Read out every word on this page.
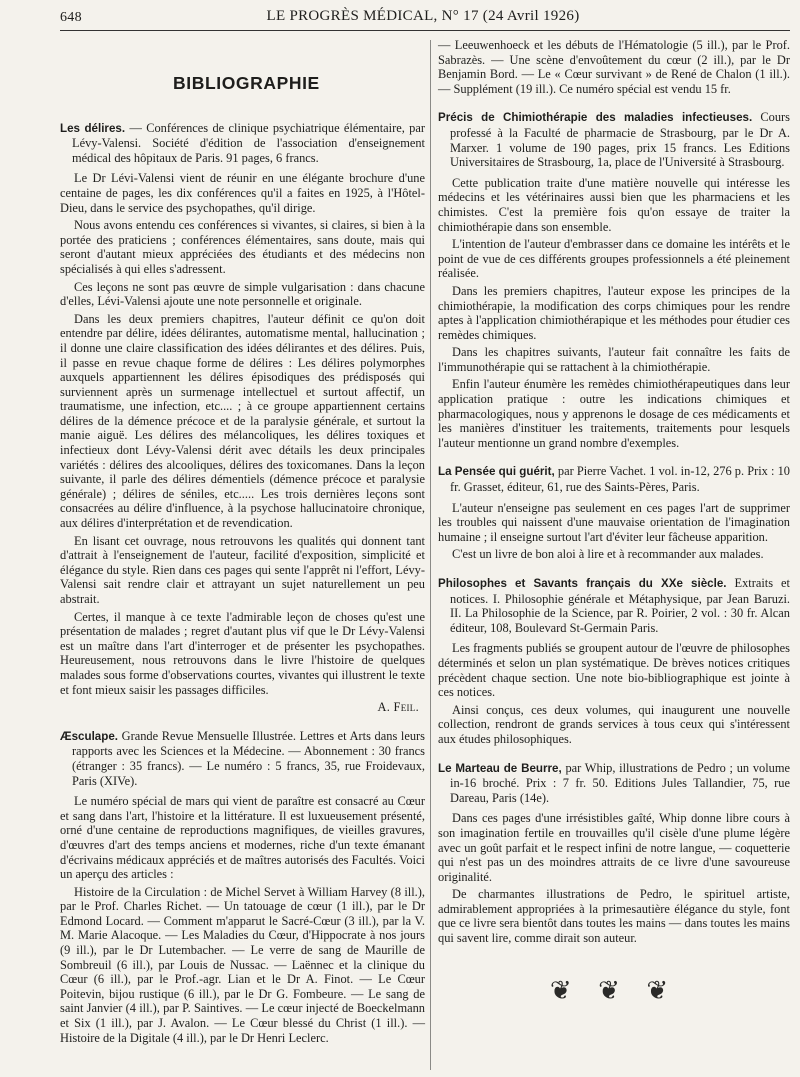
648	LE PROGRÈS MÉDICAL, N° 17 (24 Avril 1926)
BIBLIOGRAPHIE

Les délires. — Conférences de clinique psychiatrique élémentaire, par Lévy-Valensi. Société d'édition de l'association d'enseignement médical des hôpitaux de Paris. 91 pages, 6 francs.

Le Dr Lévi-Valensi vient de réunir en une élégante brochure d'une centaine de pages, les dix conférences qu'il a faites en 1925, à l'Hôtel-Dieu, dans le service des psychopathes, qu'il dirige.

Nous avons entendu ces conférences si vivantes, si claires, si bien à la portée des praticiens ; conférences élémentaires, sans doute, mais qui seront d'autant mieux appréciées des étudiants et des médecins non spécialisés à qui elles s'adressent.

Ces leçons ne sont pas œuvre de simple vulgarisation : dans chacune d'elles, Lévi-Valensi ajoute une note personnelle et originale.

Dans les deux premiers chapitres, l'auteur définit ce qu'on doit entendre par délire, idées délirantes, automatisme mental, hallucination ; il donne une claire classification des idées délirantes et des délires. Puis, il passe en revue chaque forme de délires : Les délires polymorphes auxquels appartiennent les délires épisodiques des prédisposés qui surviennent après un surmenage intellectuel et surtout affectif, un traumatisme, une infection, etc.... ; à ce groupe appartiennent certains délires de la démence précoce et de la paralysie générale, et surtout la manie aiguë. Les délires des mélancoliques, les délires toxiques et infectieux dont Lévy-Valensi dérit avec détails les deux principales variétés : délires des alcooliques, délires des toxicomanes. Dans la leçon suivante, il parle des délires démentiels (démence précoce et paralysie générale) ; délires de séniles, etc..... Les trois dernières leçons sont consacrées au délire d'influence, à la psychose hallucinatoire chronique, aux délires d'interprétation et de revendication.

En lisant cet ouvrage, nous retrouvons les qualités qui donnent tant d'attrait à l'enseignement de l'auteur, facilité d'exposition, simplicité et élégance du style. Rien dans ces pages qui sente l'apprêt ni l'effort, Lévy-Valensi sait rendre clair et attrayant un sujet naturellement un peu abstrait.

Certes, il manque à ce texte l'admirable leçon de choses qu'est une présentation de malades ; regret d'autant plus vif que le Dr Lévy-Valensi est un maître dans l'art d'interroger et de présenter les psychopathes. Heureusement, nous retrouvons dans le livre l'histoire de quelques malades sous forme d'observations courtes, vivantes qui illustrent le texte et font mieux saisir les passages difficiles.

A. Feil.

Æsculape. Grande Revue Mensuelle Illustrée. Lettres et Arts dans leurs rapports avec les Sciences et la Médecine. — Abonnement : 30 francs (étranger : 35 francs). — Le numéro : 5 francs, 35, rue Froidevaux, Paris (XIVe).

Le numéro spécial de mars qui vient de paraître est consacré au Cœur et sang dans l'art, l'histoire et la littérature. Il est luxueusement présenté, orné d'une centaine de reproductions magnifiques, de vieilles gravures, d'œuvres d'art des temps anciens et modernes, riche d'un texte émanant d'écrivains médicaux appréciés et de maîtres autorisés des Facultés. Voici un aperçu des articles :

Histoire de la Circulation : de Michel Servet à William Harvey (8 ill.), par le Prof. Charles Richet. — Un tatouage de cœur (1 ill.), par le Dr Edmond Locard. — Comment m'apparut le Sacré-Cœur (3 ill.), par la V. M. Marie Alacoque. — Les Maladies du Cœur, d'Hippocrate à nos jours (9 ill.), par le Dr Lutembacher. — Le verre de sang de Maurille de Sombreuil (6 ill.), par Louis de Nussac. — Laënnec et la clinique du Cœur (6 ill.), par le Prof.-agr. Lian et le Dr A. Finot. — Le Cœur Poitevin, bijou rustique (6 ill.), par le Dr G. Fombeure. — Le sang de saint Janvier (4 ill.), par P. Saintives. — Le cœur injecté de Boeckelmann et Six (1 ill.), par J. Avalon. — Le Cœur blessé du Christ (1 ill.). — Histoire de la Digitale (4 ill.), par le Dr Henri Leclerc.

— Leeuwenhoeck et les débuts de l'Hématologie (5 ill.), par le Prof. Sabrazès. — Une scène d'envoûtement du cœur (2 ill.), par le Dr Benjamin Bord. — Le « Cœur survivant » de René de Chalon (1 ill.). — Supplément (19 ill.). Ce numéro spécial est vendu 15 fr.

Précis de Chimiothérapie des maladies infectieuses. Cours professé à la Faculté de pharmacie de Strasbourg, par le Dr A. Marxer. 1 volume de 190 pages, prix 15 francs. Les Editions Universitaires de Strasbourg, 1a, place de l'Université à Strasbourg.

Cette publication traite d'une matière nouvelle qui intéresse les médecins et les vétérinaires aussi bien que les pharmaciens et les chimistes. C'est la première fois qu'on essaye de traiter la chimiothérapie dans son ensemble.

L'intention de l'auteur d'embrasser dans ce domaine les intérêts et le point de vue de ces différents groupes professionnels a été pleinement réalisée.

Dans les premiers chapitres, l'auteur expose les principes de la chimiothérapie, la modification des corps chimiques pour les rendre aptes à l'application chimiothérapique et les méthodes pour étudier ces remèdes chimiques.

Dans les chapitres suivants, l'auteur fait connaître les faits de l'immunothérapie qui se rattachent à la chimiothérapie.

Enfin l'auteur énumère les remèdes chimiothérapeutiques dans leur application pratique : outre les indications chimiques et pharmacologiques, nous y apprenons le dosage de ces médicaments et les manières d'instituer les traitements, traitements pour lesquels l'auteur mentionne un grand nombre d'exemples.

La Pensée qui guérit, par Pierre Vachet. 1 vol. in-12, 276 p. Prix : 10 fr. Grasset, éditeur, 61, rue des Saints-Pères, Paris.

L'auteur n'enseigne pas seulement en ces pages l'art de supprimer les troubles qui naissent d'une mauvaise orientation de l'imagination humaine ; il enseigne surtout l'art d'éviter leur fâcheuse apparition.

C'est un livre de bon aloi à lire et à recommander aux malades.

Philosophes et Savants français du XXe siècle. Extraits et notices. I. Philosophie générale et Métaphysique, par Jean Baruzi. II. La Philosophie de la Science, par R. Poirier, 2 vol. : 30 fr. Alcan éditeur, 108, Boulevard St-Germain Paris.

Les fragments publiés se groupent autour de l'œuvre de philosophes déterminés et selon un plan systématique. De brèves notices critiques précèdent chaque section. Une note bio-bibliographique est jointe à ces notices.

Ainsi conçus, ces deux volumes, qui inaugurent une nouvelle collection, rendront de grands services à tous ceux qui s'intéressent aux études philosophiques.

Le Marteau de Beurre, par Whip, illustrations de Pedro ; un volume in-16 broché. Prix : 7 fr. 50. Editions Jules Tallandier, 75, rue Dareau, Paris (14e).

Dans ces pages d'une irrésistibles gaîté, Whip donne libre cours à son imagination fertile en trouvailles qu'il cisèle d'une plume légère avec un goût parfait et le respect infini de notre langue, — coquetterie qui n'est pas un des moindres attraits de ce livre d'une savoureuse originalité.

De charmantes illustrations de Pedro, le spirituel artiste, admirablement appropriées à la primesautière élégance du style, font que ce livre sera bientôt dans toutes les mains — dans toutes les mains qui savent lire, comme dirait son auteur.

❦ ❦ ❦
